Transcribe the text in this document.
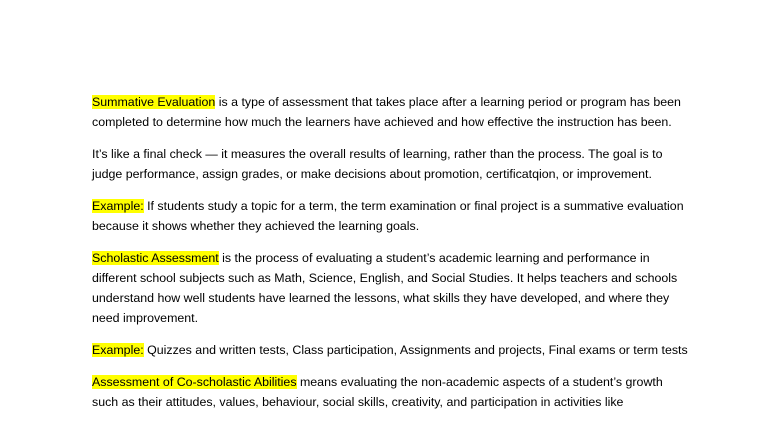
Summative Evaluation is a type of assessment that takes place after a learning period or program has been completed to determine how much the learners have achieved and how effective the instruction has been.

It’s like a final check — it measures the overall results of learning, rather than the process. The goal is to judge performance, assign grades, or make decisions about promotion, certificatqion, or improvement.

Example: If students study a topic for a term, the term examination or final project is a summative evaluation because it shows whether they achieved the learning goals.

Scholastic Assessment is the process of evaluating a student’s academic learning and performance in different school subjects such as Math, Science, English, and Social Studies. It helps teachers and schools understand how well students have learned the lessons, what skills they have developed, and where they need improvement.

Example: Quizzes and written tests, Class participation, Assignments and projects, Final exams or term tests

Assessment of Co-scholastic Abilities means evaluating the non-academic aspects of a student’s growth such as their attitudes, values, behaviour, social skills, creativity, and participation in activities like
